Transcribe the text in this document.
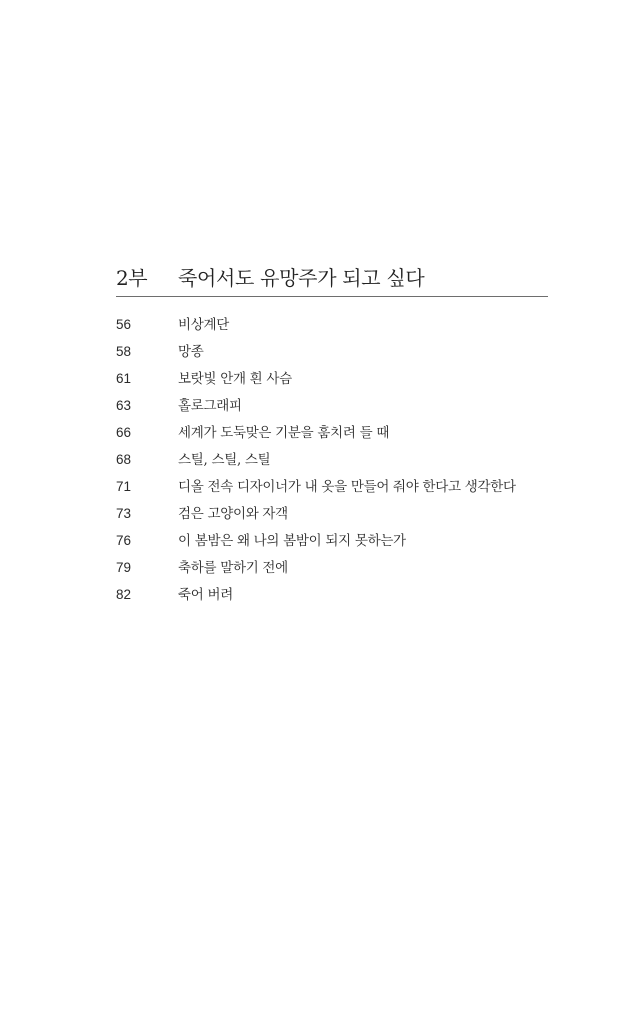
2부	죽어서도 유망주가 되고 싶다
56	비상계단
58	망종
61	보랏빛 안개 흰 사슴
63	홀로그래피
66	세계가 도둑맞은 기분을 훔치려 들 때
68	스틸, 스틸, 스틸
71	디올 전속 디자이너가 내 옷을 만들어 줘야 한다고 생각한다
73	검은 고양이와 자객
76	이 봄밤은 왜 나의 봄밤이 되지 못하는가
79	축하를 말하기 전에
82	죽어 버려
